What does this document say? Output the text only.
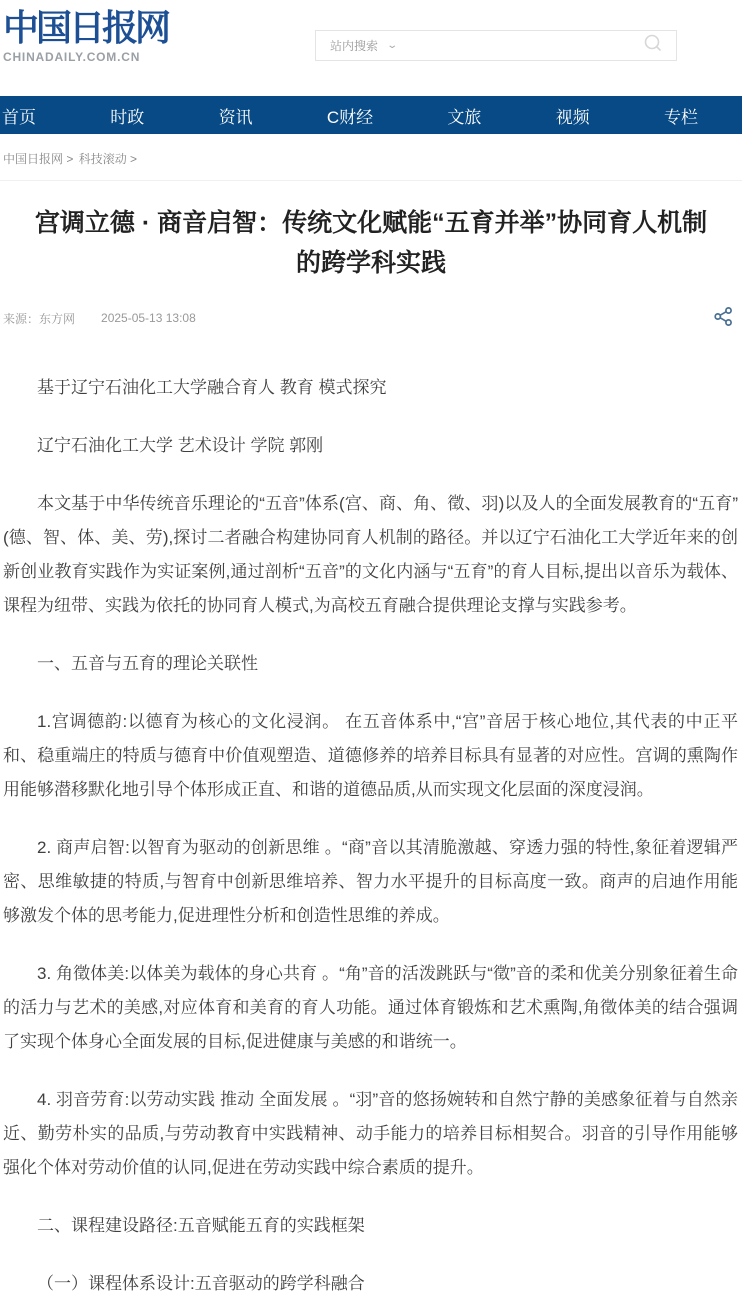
中国日报网
CHINADAILY.COM.CN
站内搜索 ⌄
首页	时政	资讯	C财经	文旅	视频	专栏
中国日报网 > 科技滚动 >
宫调立德 · 商音启智：传统文化赋能“五育并举”协同育人机制的跨学科实践
来源：东方网 2025-05-13 13:08

基于辽宁石油化工大学融合育人 教育 模式探究

辽宁石油化工大学 艺术设计 学院 郭刚

本文基于中华传统音乐理论的“五音”体系(宫、商、角、徵、羽)以及人的全面发展教育的“五育”(德、智、体、美、劳),探讨二者融合构建协同育人机制的路径。并以辽宁石油化工大学近年来的创新创业教育实践作为实证案例,通过剖析“五音”的文化内涵与“五育”的育人目标,提出以音乐为载体、课程为纽带、实践为依托的协同育人模式,为高校五育融合提供理论支撑与实践参考。

一、五音与五育的理论关联性

1.宫调德韵:以德育为核心的文化浸润。 在五音体系中,“宫”音居于核心地位,其代表的中正平和、稳重端庄的特质与德育中价值观塑造、道德修养的培养目标具有显著的对应性。宫调的熏陶作用能够潜移默化地引导个体形成正直、和谐的道德品质,从而实现文化层面的深度浸润。

2. 商声启智:以智育为驱动的创新思维 。“商”音以其清脆激越、穿透力强的特性,象征着逻辑严密、思维敏捷的特质,与智育中创新思维培养、智力水平提升的目标高度一致。商声的启迪作用能够激发个体的思考能力,促进理性分析和创造性思维的养成。

3. 角徵体美:以体美为载体的身心共育 。“角”音的活泼跳跃与“徵”音的柔和优美分别象征着生命的活力与艺术的美感,对应体育和美育的育人功能。通过体育锻炼和艺术熏陶,角徵体美的结合强调了实现个体身心全面发展的目标,促进健康与美感的和谐统一。

4. 羽音劳育:以劳动实践 推动 全面发展 。“羽”音的悠扬婉转和自然宁静的美感象征着与自然亲近、勤劳朴实的品质,与劳动教育中实践精神、动手能力的培养目标相契合。羽音的引导作用能够强化个体对劳动价值的认同,促进在劳动实践中综合素质的提升。

二、课程建设路径:五音赋能五育的实践框架

（一）课程体系设计:五音驱动的跨学科融合
